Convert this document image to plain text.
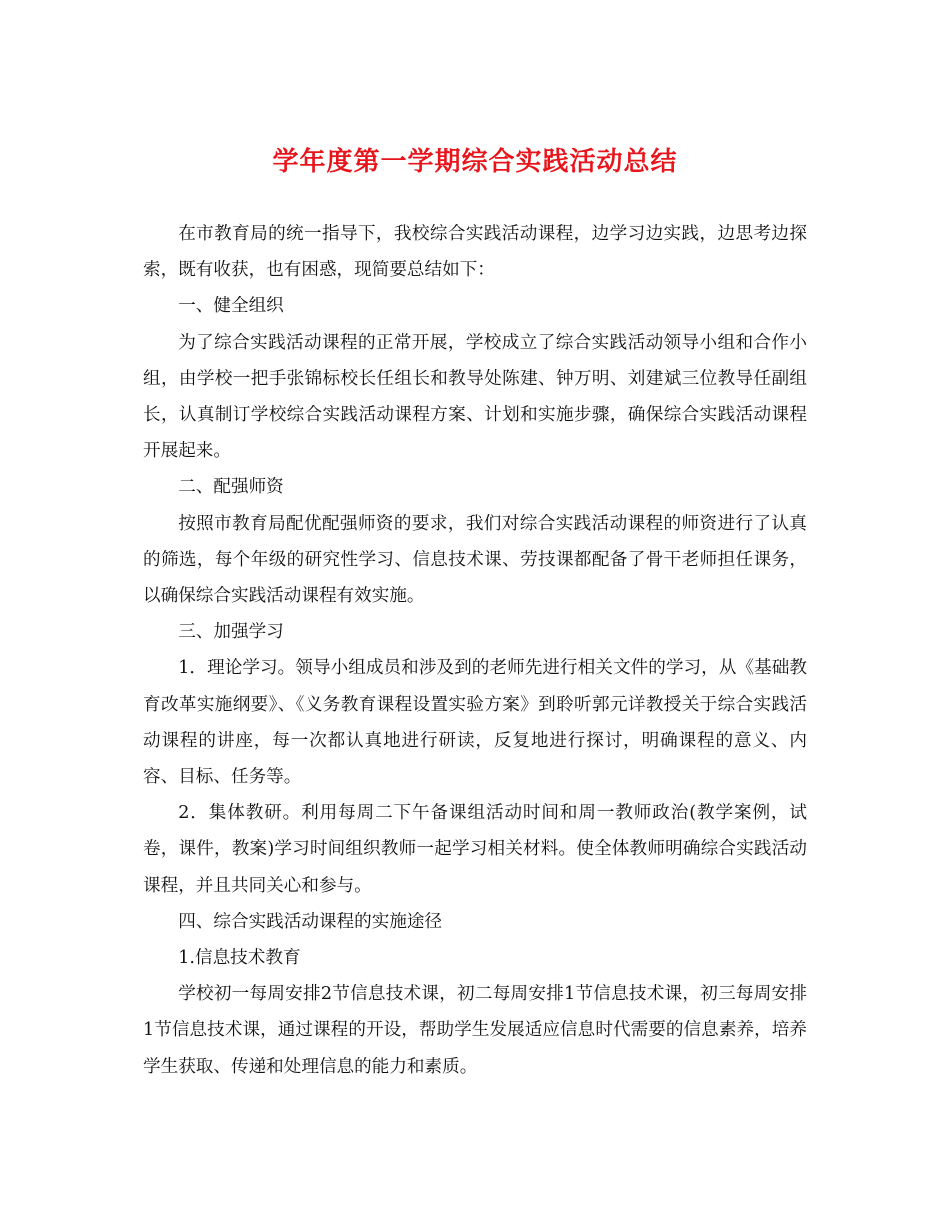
学年度第一学期综合实践活动总结

在市教育局的统一指导下，我校综合实践活动课程，边学习边实践，边思考边探索，既有收获，也有困惑，现简要总结如下：

一、健全组织

为了综合实践活动课程的正常开展，学校成立了综合实践活动领导小组和合作小组，由学校一把手张锦标校长任组长和教导处陈建、钟万明、刘建斌三位教导任副组长，认真制订学校综合实践活动课程方案、计划和实施步骤，确保综合实践活动课程开展起来。

二、配强师资

按照市教育局配优配强师资的要求，我们对综合实践活动课程的师资进行了认真的筛选，每个年级的研究性学习、信息技术课、劳技课都配备了骨干老师担任课务，以确保综合实践活动课程有效实施。

三、加强学习

1．理论学习。领导小组成员和涉及到的老师先进行相关文件的学习，从《基础教育改革实施纲要》、《义务教育课程设置实验方案》到聆听郭元详教授关于综合实践活动课程的讲座，每一次都认真地进行研读，反复地进行探讨，明确课程的意义、内容、目标、任务等。

2．集体教研。利用每周二下午备课组活动时间和周一教师政治(教学案例，试卷，课件，教案)学习时间组织教师一起学习相关材料。使全体教师明确综合实践活动课程，并且共同关心和参与。

四、综合实践活动课程的实施途径

1.信息技术教育

学校初一每周安排2节信息技术课，初二每周安排1节信息技术课，初三每周安排1节信息技术课，通过课程的开设，帮助学生发展适应信息时代需要的信息素养，培养学生获取、传递和处理信息的能力和素质。
